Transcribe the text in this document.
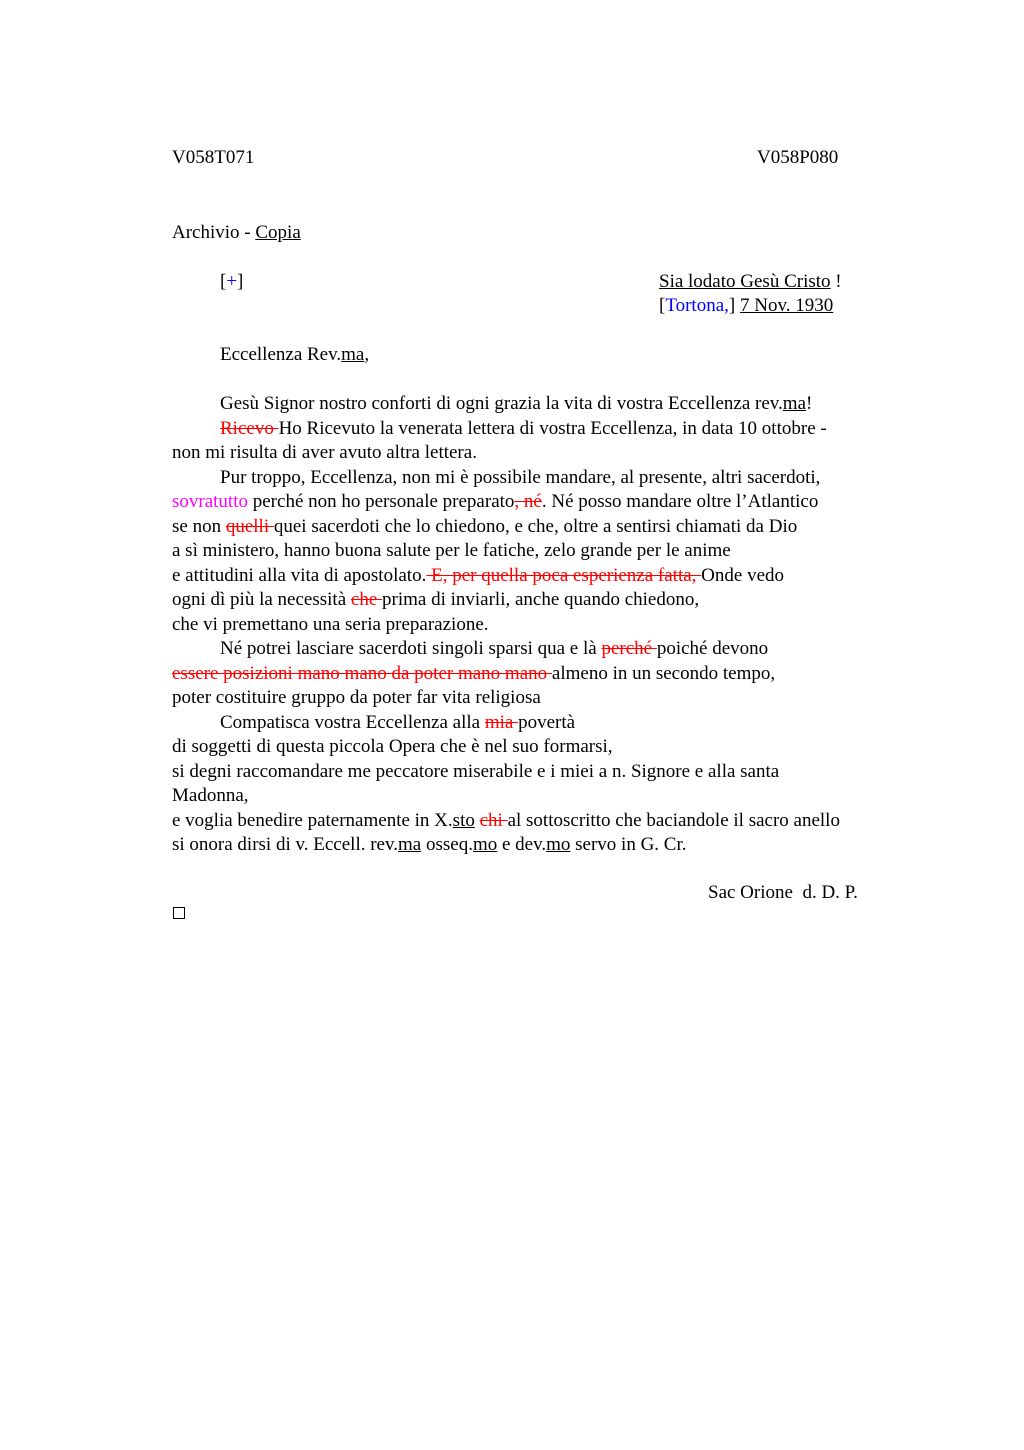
V058T071	V058P080
Archivio - Copia
[+]	Sia lodato Gesù Cristo !
[Tortona,] 7 Nov. 1930
Eccellenza Rev.ma,
Gesù Signor nostro conforti di ogni grazia la vita di vostra Eccellenza rev.ma!
Ricevo Ho Ricevuto la venerata lettera di vostra Eccellenza, in data 10 ottobre -
non mi risulta di aver avuto altra lettera.
Pur troppo, Eccellenza, non mi è possibile mandare, al presente, altri sacerdoti,
sovratutto perché non ho personale preparato, né. Né posso mandare oltre l’Atlantico
se non quelli quei sacerdoti che lo chiedono, e che, oltre a sentirsi chiamati da Dio
a sì ministero, hanno buona salute per le fatiche, zelo grande per le anime
e attitudini alla vita di apostolato. E, per quella poca esperienza fatta, Onde vedo
ogni dì più la necessità che prima di inviarli, anche quando chiedono,
che vi premettano una seria preparazione.
Né potrei lasciare sacerdoti singoli sparsi qua e là perché poiché devono
essere posizioni mano mano da poter mano mano almeno in un secondo tempo,
poter costituire gruppo da poter far vita religiosa
Compatisca vostra Eccellenza alla mia povertà
di soggetti di questa piccola Opera che è nel suo formarsi,
si degni raccomandare me peccatore miserabile e i miei a n. Signore e alla santa
Madonna,
e voglia benedire paternamente in X.sto chi al sottoscritto che baciandole il sacro anello
si onora dirsi di v. Eccell. rev.ma osseq.mo e dev.mo servo in G. Cr.
Sac Orione  d. D. P.
